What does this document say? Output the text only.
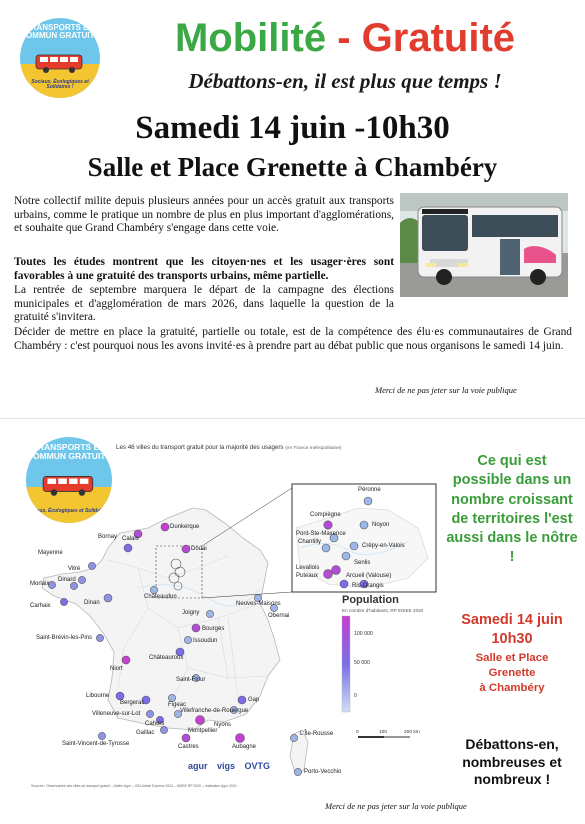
TRANSPORTS EN COMMUN GRATUITS
Sociaux, Écologiques et Solidaires !
Mobilité - Gratuité
Débattons-en, il est plus que temps !
Samedi 14 juin -10h30
Salle et Place Grenette à Chambéry

Notre collectif milite depuis plusieurs années pour un accès gratuit aux transports urbains, comme le pratique un nombre de plus en plus important d'agglomérations, et souhaite que Grand Chambéry s'engage dans cette voie.

Toutes les études montrent que les citoyen·nes et les usager·ères sont favorables à une gratuité des transports urbains, même partielle.

La rentrée de septembre marquera le départ de la campagne des élections municipales et d'agglomération de mars 2026, dans laquelle la question de la gratuité s'invitera.

Décider de mettre en place la gratuité, partielle ou totale, est de la compétence des élu·es communautaires de Grand Chambéry : c'est pourquoi nous les avons invité·es à prendre part au débat public que nous organisons le samedi 14 juin.

Merci de ne pas jeter sur la voie publique
Les 46 villes du transport gratuit pour la majorité des usagers (en France métropolitaine)
Calais
Dunkerque
Douai
Bornay
Mayenne
Vitré
Dinard
Morlaix
Carhaix	Dinan
Châteaudun
Neuves-Maisons
Obernai
Joigny
Bourges
Issoudun
Châteauroux
Saint-Brévin-les-Pins
Niort
Saint-Flour
Libourne
Bergerac	Figeac
Villeneuve-sur-Lot
Cahors
Villefranche-de-Rouergue
Gaillac	Montpellier
Castres
Saint-Vincent-de-Tyrosse
Nyons
Gap
Aubagne
L'Île-Rousse
Porto-Vecchio
Péronne
Compiègne
Noyon
Pont-Ste-Maxence
Chantilly
Crépy-en-Valois
Senlis
Levallois
Puteaux	Arcueil (Valouse)
Ris-Orangis
Population
En nombre d'habitants, RP INSEE 2020
100 000
50 000
0
0	100	200 km
agur vigs OVTG
Sources : Observatoire des villes du transport gratuit – Atelier Agur – IGN Admin Express 2024 – INSEE RP 2020 – réalisation Agur 2024
TRANSPORTS EN COMMUN GRATUITS
Sociaux, Écologiques et Solidaires !
Ce qui est possible dans un nombre croissant de territoires l'est aussi dans le nôtre !
Samedi 14 juin
10h30
Salle et Place
Grenette
à Chambéry
Débattons-en, nombreuses et nombreux !
Merci de ne pas jeter sur la voie publique
